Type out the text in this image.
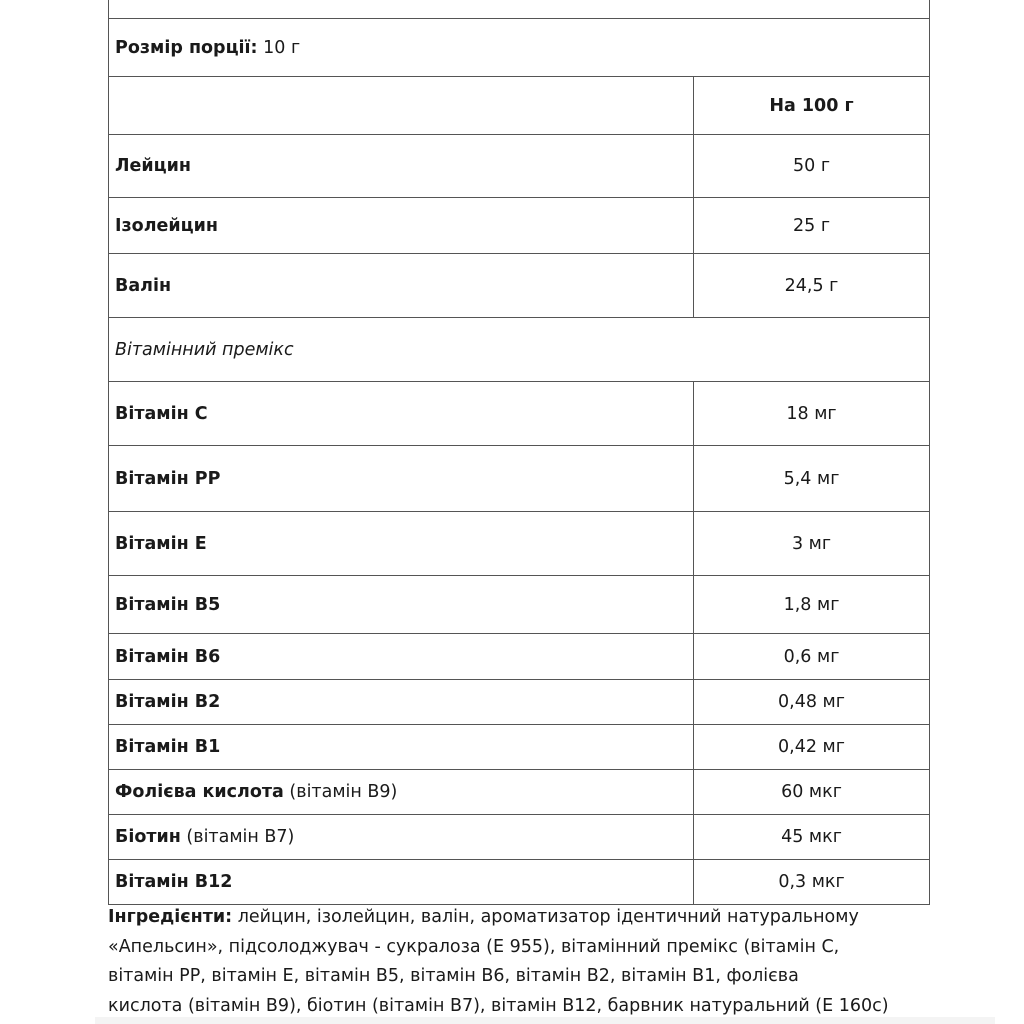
Розмір порції: 10 г	
	На 100 г
Лейцин	50 г
Ізолейцин	25 г
Валін	24,5 г
Вітамінний премікс	
Вітамін С	18 мг
Вітамін PP	5,4 мг
Вітамін Е	3 мг
Вітамін В5	1,8 мг
Вітамін В6	0,6 мг
Вітамін В2	0,48 мг
Вітамін В1	0,42 мг
Фолієва кислота (вітамін В9)	60 мкг
Біотин (вітамін В7)	45 мкг
Вітамін В12	0,3 мкг

Інгредієнти: лейцин, ізолейцин, валін, ароматизатор ідентичний натуральному
«Апельсин», підсолоджувач - сукралоза (Е 955), вітамінний премікс (вітамін С,
вітамін РР, вітамін Е, вітамін В5, вітамін В6, вітамін В2, вітамін В1, фолієва
кислота (вітамін В9), біотин (вітамін В7), вітамін В12, барвник натуральний (Е 160с)
